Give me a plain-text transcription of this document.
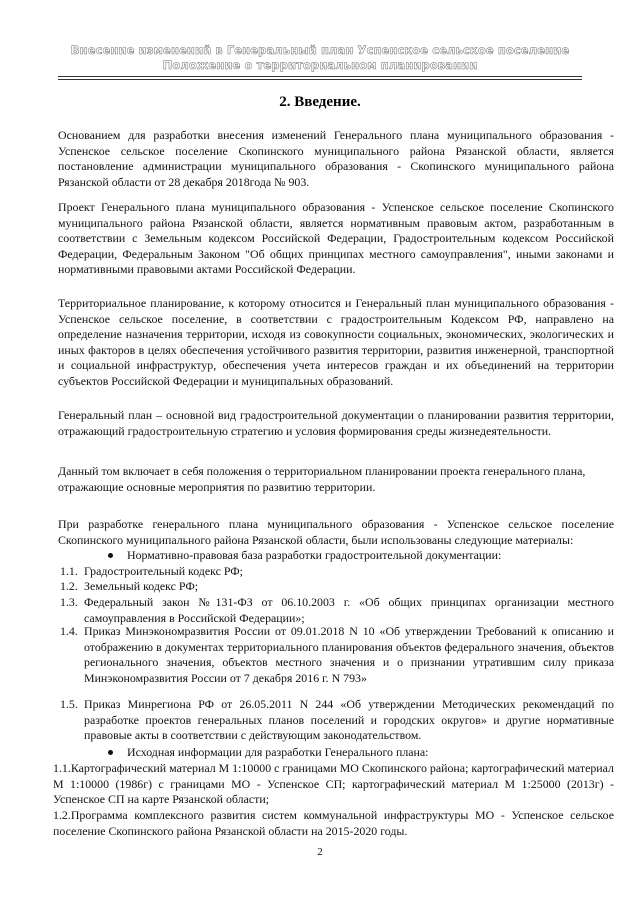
Внесение изменений в Генеральный план Успенское сельское поселение
Положение о территориальном планировании
2. Введение.

Основанием для разработки внесения изменений Генерального плана муниципального образования - Успенское сельское поселение Скопинского муниципального района Рязанской области, является постановление администрации муниципального образования - Скопинского муниципального района Рязанской области от 28 декабря 2018года № 903.

Проект Генерального плана муниципального образования - Успенское сельское поселение Скопинского муниципального района Рязанской области, является нормативным правовым актом, разработанным в соответствии с Земельным кодексом Российской Федерации, Градостроительным кодексом Российской Федерации, Федеральным Законом "Об общих принципах местного самоуправления", иными законами и нормативными правовыми актами Российской Федерации.

Территориальное планирование, к которому относится и Генеральный план муниципального образования - Успенское сельское поселение, в соответствии с градостроительным Кодексом РФ, направлено на определение назначения территории, исходя из совокупности социальных, экономических, экологических и иных факторов в целях обеспечения устойчивого развития территории, развития инженерной, транспортной и социальной инфраструктур, обеспечения учета интересов граждан и их объединений на территории субъектов Российской Федерации и муниципальных образований.

Генеральный план – основной вид градостроительной документации о планировании развития территории, отражающий градостроительную стратегию и условия формирования среды жизнедеятельности.

Данный том включает в себя положения о территориальном планировании проекта генерального плана, отражающие основные мероприятия по развитию территории.

При разработке генерального плана муниципального образования - Успенское сельское поселение Скопинского муниципального района Рязанской области, были использованы следующие материалы:

Нормативно-правовая база разработки градостроительной документации:
1.1. Градостроительный кодекс РФ;
1.2. Земельный кодекс РФ;
1.3. Федеральный закон №131-ФЗ от 06.10.2003 г. «Об общих принципах организации местного самоуправления в Российской Федерации»;
1.4. Приказ Минэкономразвития России от 09.01.2018 N 10 «Об утверждении Требований к описанию и отображению в документах территориального планирования объектов федерального значения, объектов регионального значения, объектов местного значения и о признании утратившим силу приказа Минэкономразвития России от 7 декабря 2016 г. N 793»
1.5. Приказ Минрегиона РФ от 26.05.2011 N 244 «Об утверждении Методических рекомендаций по разработке проектов генеральных планов поселений и городских округов» и другие нормативные правовые акты в соответствии с действующим законодательством.
Исходная информации для разработки Генерального плана:

1.1.Картографический материал М 1:10000 с границами МО Скопинского района; картографический материал М 1:10000 (1986г) с границами МО - Успенское СП; картографический материал М 1:25000 (2013г) - Успенское СП на карте Рязанской области;

1.2.Программа комплексного развития систем коммунальной инфраструктуры МО - Успенское сельское поселение Скопинского района Рязанской области на 2015-2020 годы.

2
